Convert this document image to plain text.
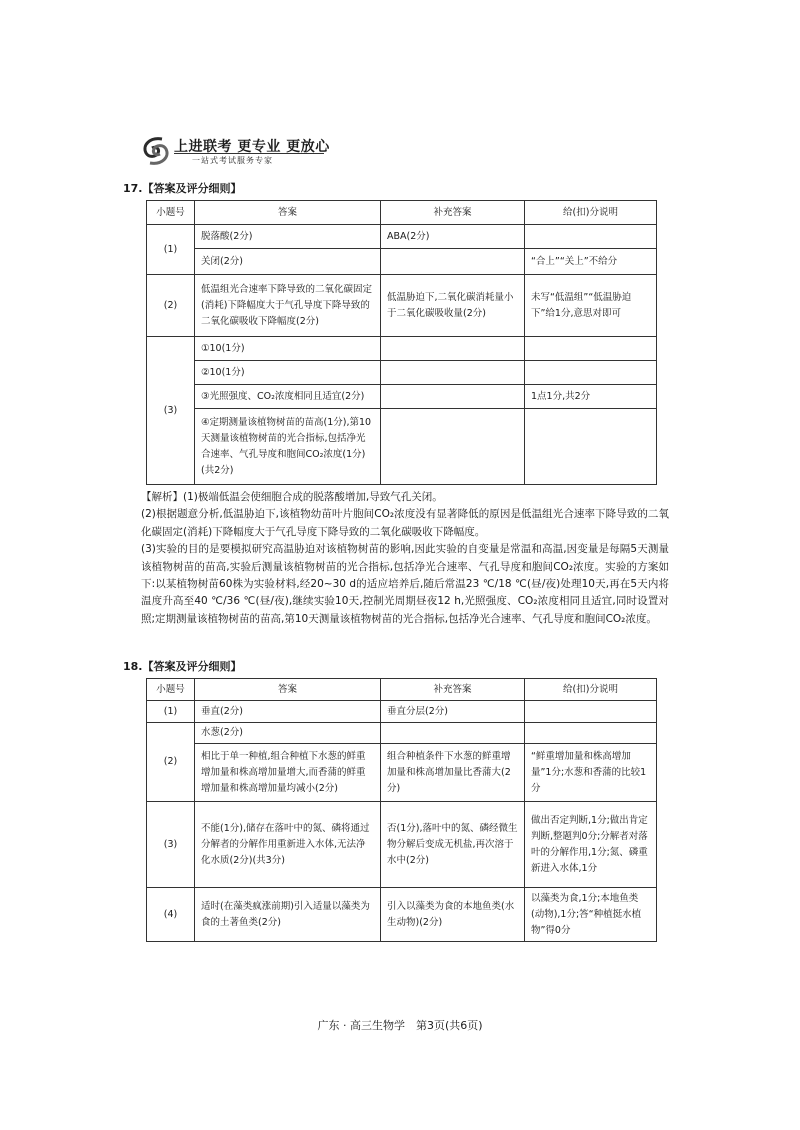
上进联考 更专业 更放心
一站式考试服务专家
17.【答案及评分细则】
小题号	答案	补充答案	给(扣)分说明
(1)	脱落酸(2分)	ABA(2分)	
	关闭(2分)		“合上”“关上”不给分
(2)	低温组光合速率下降导致的二氧化碳固定(消耗)下降幅度大于气孔导度下降导致的二氧化碳吸收下降幅度(2分)	低温胁迫下,二氧化碳消耗量小于二氧化碳吸收量(2分)	未写“低温组”“低温胁迫下”给1分,意思对即可
(3)	①10(1分)		
	②10(1分)		
	③光照强度、CO₂浓度相同且适宜(2分)		1点1分,共2分
	④定期测量该植物树苗的苗高(1分),第10天测量该植物树苗的光合指标,包括净光合速率、气孔导度和胞间CO₂浓度(1分)(共2分)		

【解析】(1)极端低温会使细胞合成的脱落酸增加,导致气孔关闭。

(2)根据题意分析,低温胁迫下,该植物幼苗叶片胞间CO₂浓度没有显著降低的原因是低温组光合速率下降导致的二氧化碳固定(消耗)下降幅度大于气孔导度下降导致的二氧化碳吸收下降幅度。

(3)实验的目的是要模拟研究高温胁迫对该植物树苗的影响,因此实验的自变量是常温和高温,因变量是每隔5天测量该植物树苗的苗高,实验后测量该植物树苗的光合指标,包括净光合速率、气孔导度和胞间CO₂浓度。实验的方案如下:以某植物树苗60株为实验材料,经20~30 d的适应培养后,随后常温23 ℃/18 ℃(昼/夜)处理10天,再在5天内将温度升高至40 ℃/36 ℃(昼/夜),继续实验10天,控制光周期昼夜12 h,光照强度、CO₂浓度相同且适宜,同时设置对照;定期测量该植物树苗的苗高,第10天测量该植物树苗的光合指标,包括净光合速率、气孔导度和胞间CO₂浓度。

18.【答案及评分细则】
小题号	答案	补充答案	给(扣)分说明
(1)	垂直(2分)	垂直分层(2分)	
(2)	水葱(2分)		
	相比于单一种植,组合种植下水葱的鲜重增加量和株高增加量增大,而香蒲的鲜重增加量和株高增加量均减小(2分)	组合种植条件下水葱的鲜重增加量和株高增加量比香蒲大(2分)	“鲜重增加量和株高增加量”1分;水葱和香蒲的比较1分
(3)	不能(1分),储存在落叶中的氮、磷将通过分解者的分解作用重新进入水体,无法净化水质(2分)(共3分)	否(1分),落叶中的氮、磷经微生物分解后变成无机盐,再次溶于水中(2分)	做出否定判断,1分;做出肯定判断,整题判0分;分解者对落叶的分解作用,1分;氮、磷重新进入水体,1分
(4)	适时(在藻类疯涨前期)引入适量以藻类为食的土著鱼类(2分)	引入以藻类为食的本地鱼类(水生动物)(2分)	以藻类为食,1分;本地鱼类(动物),1分;答“种植挺水植物”得0分
广东 · 高三生物学　第3页(共6页)
